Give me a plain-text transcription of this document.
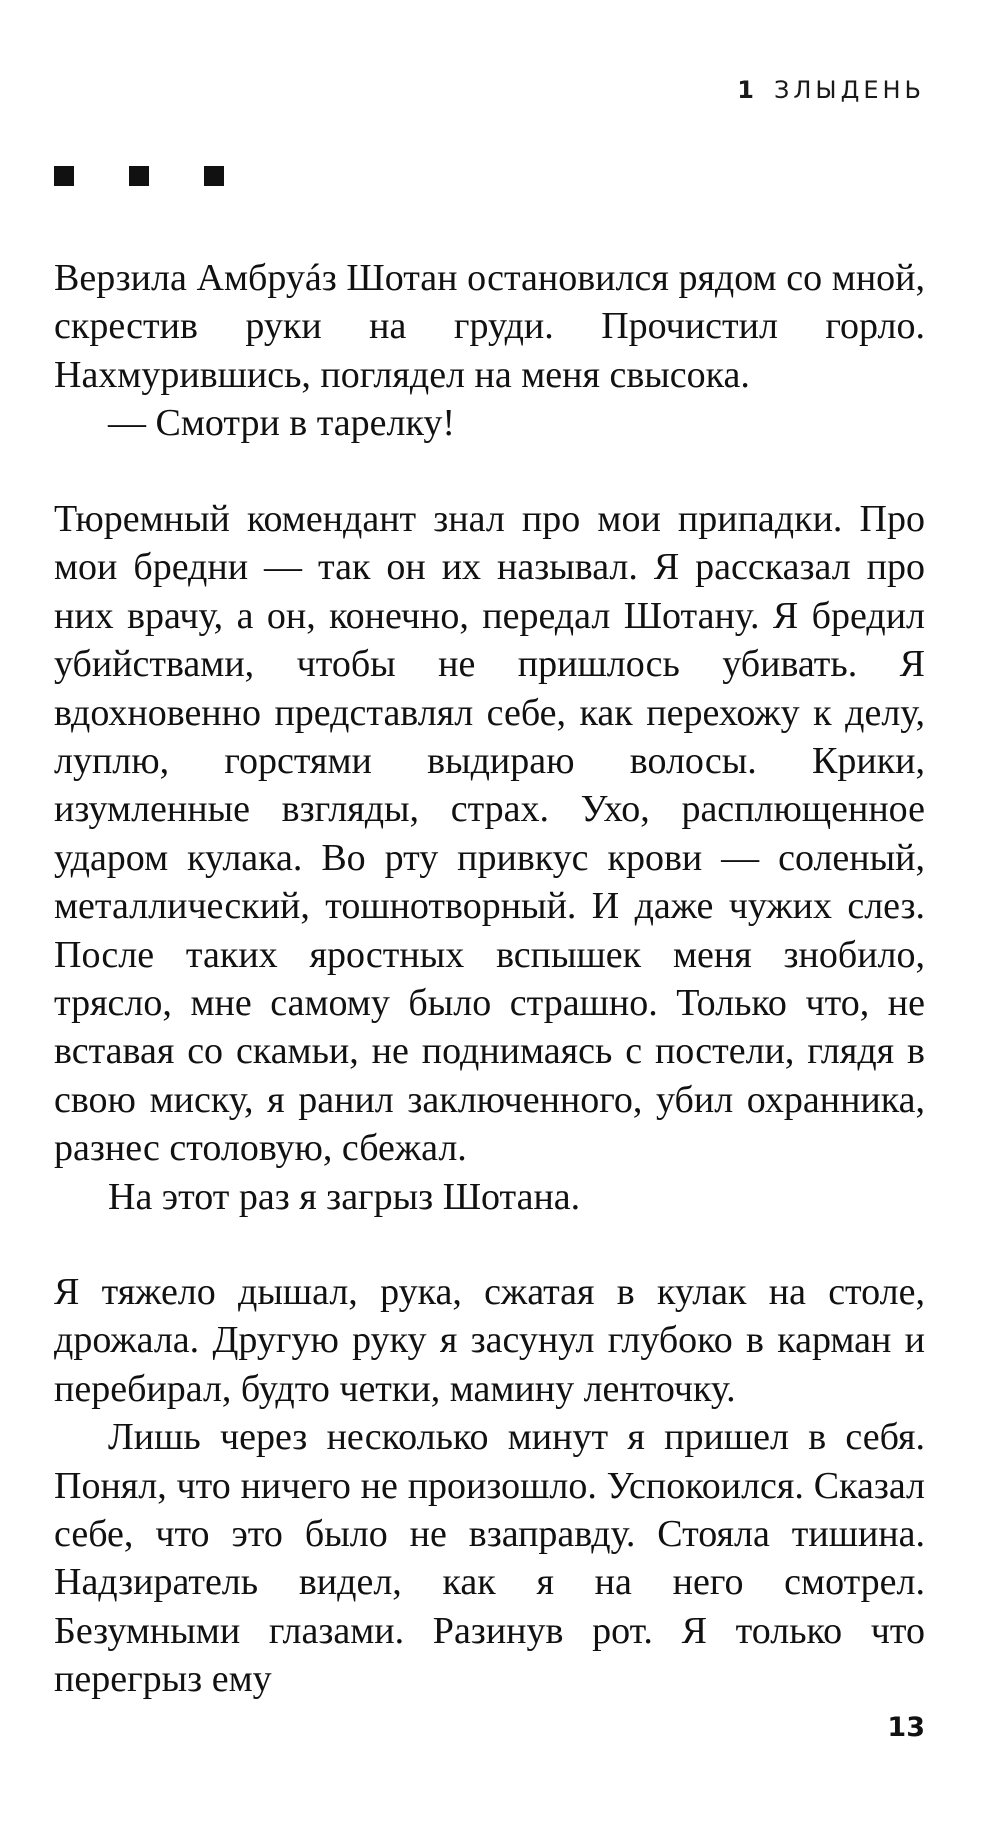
1 ЗЛЫДЕНЬ

Верзила Амбруáз Шотан остановился рядом со мной, скрестив руки на груди. Прочистил горло. Нахмурившись, поглядел на меня свысока.

— Смотри в тарелку!

Тюремный комендант знал про мои припадки. Про мои бредни — так он их называл. Я рассказал про них врачу, а он, конечно, передал Шотану. Я бредил убийствами, чтобы не пришлось убивать. Я вдохновенно представлял себе, как перехожу к делу, луплю, горстями выдираю волосы. Крики, изумленные взгляды, страх. Ухо, расплющенное ударом кулака. Во рту привкус крови — соленый, металлический, тошнотворный. И даже чужих слез. После таких яростных вспышек меня знобило, трясло, мне самому было страшно. Только что, не вставая со скамьи, не поднимаясь с постели, глядя в свою миску, я ранил заключенного, убил охранника, разнес столовую, сбежал.

На этот раз я загрыз Шотана.

Я тяжело дышал, рука, сжатая в кулак на столе, дрожала. Другую руку я засунул глубоко в карман и перебирал, будто четки, мамину ленточку.

Лишь через несколько минут я пришел в себя. Понял, что ничего не произошло. Успокоился. Сказал себе, что это было не взаправду. Стояла тишина. Надзиратель видел, как я на него смотрел. Безумными глазами. Разинув рот. Я только что перегрыз ему

13
